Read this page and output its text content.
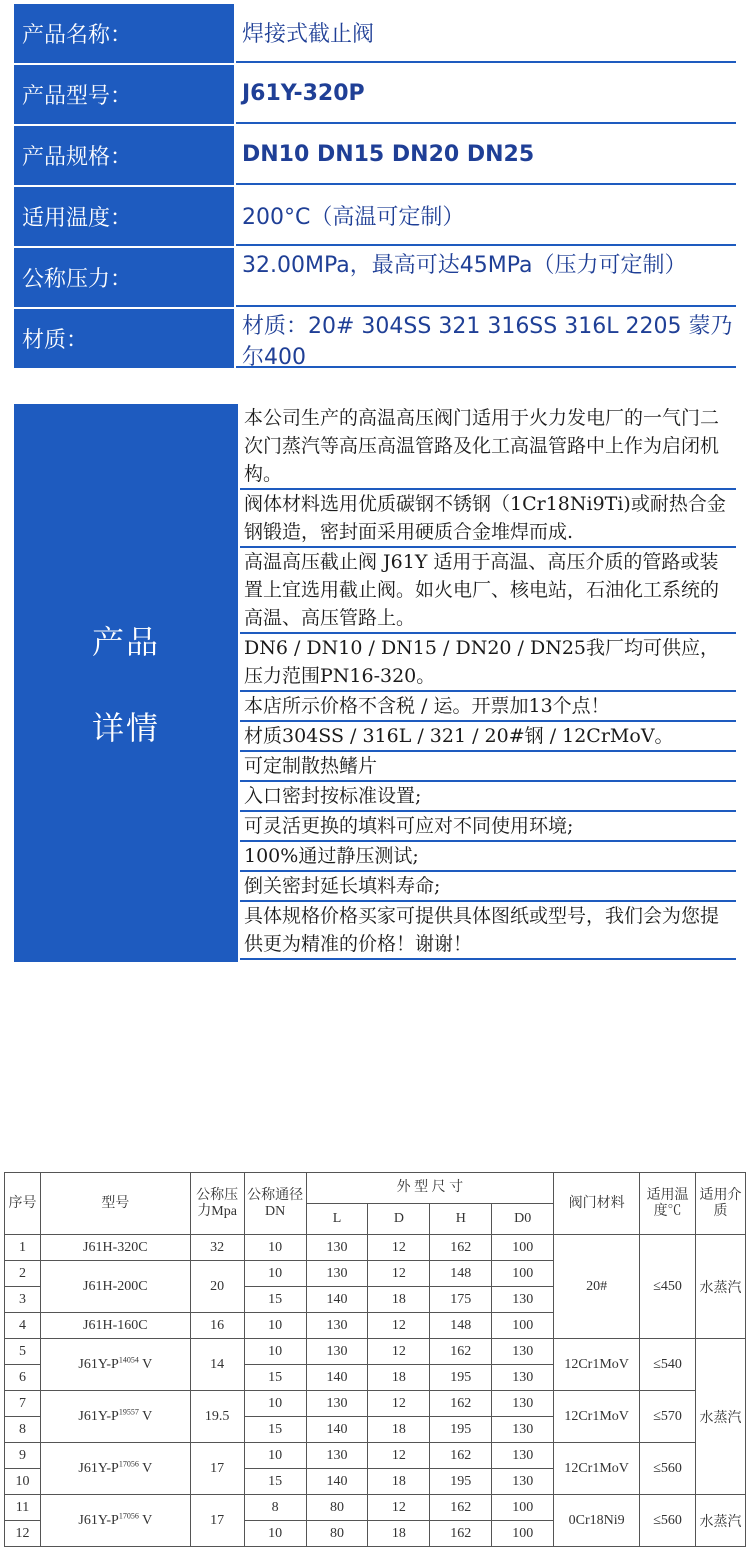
产品名称：	焊接式截止阀
产品型号：	J61Y-320P
产品规格：	DN10 DN15 DN20 DN25
适用温度：	200°C（高温可定制）
公称压力：
32.00MPa，最高可达45MPa（压力可定制）
材质：
材质：20# 304SS 321 316SS 316L 2205 蒙乃尔400
产品
详情
本公司生产的高温高压阀门适用于火力发电厂的一气门二次门蒸汽等高压高温管路及化工高温管路中上作为启闭机构。
阀体材料选用优质碳钢不锈钢（1Cr18Ni9Ti)或耐热合金钢锻造，密封面采用硬质合金堆焊而成.
高温高压截止阀 J61Y 适用于高温、高压介质的管路或装置上宜选用截止阀。如火电厂、核电站，石油化工系统的高温、高压管路上。
DN6 / DN10 / DN15 / DN20 / DN25我厂均可供应，压力范围PN16-320。
本店所示价格不含税 / 运。开票加13个点！
材质304SS / 316L / 321 / 20#钢 / 12CrMoV。
可定制散热鳍片
入口密封按标准设置;
可灵活更换的填料可应对不同使用环境;
100%通过静压测试;
倒关密封延长填料寿命;
具体规格价格买家可提供具体图纸或型号，我们会为您提供更为精准的价格！谢谢！
序号	型号	公称压力Mpa	公称通径DN	外 型 尺 寸				阀门材料	适用温度℃	适用介质
				L	D	H	D0			
1	J61H-320C	32	10	130	12	162	100	20#	≤450	水蒸汽
2	J61H-200C	20	10	130	12	148	100			
3			15	140	18	175	130			
4	J61H-160C	16	10	130	12	148	100			
5	$J61Y-P^{14054}$ V	14	10	130	12	162	130	12Cr1MoV	≤540	水蒸汽
6			15	140	18	195	130			
7	$J61Y-P^{19557}$ V	19.5	10	130	12	162	130	12Cr1MoV	≤570	
8			15	140	18	195	130			
9	$J61Y-P^{17056}$ V	17	10	130	12	162	130	12Cr1MoV	≤560	
10			15	140	18	195	130			
11	$J61Y-P^{17056}$ V	17	8	80	12	162	100	0Cr18Ni9	≤560	水蒸汽
12			10	80	18	162	100			
